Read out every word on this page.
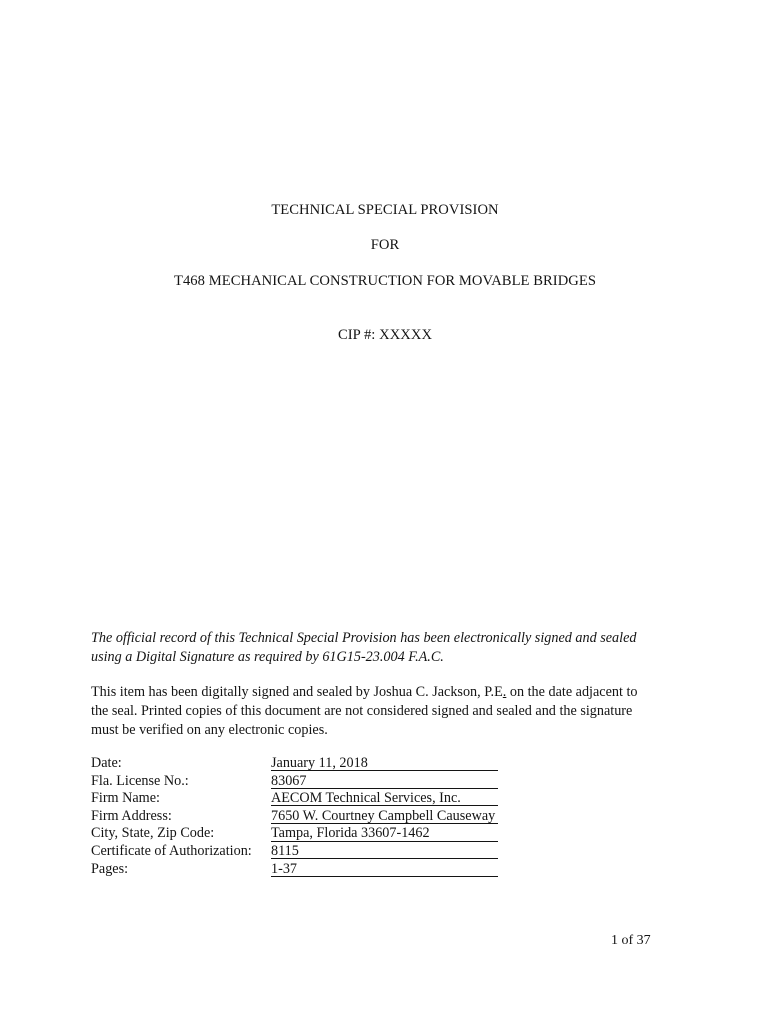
TECHNICAL SPECIAL PROVISION
FOR
T468 MECHANICAL CONSTRUCTION FOR MOVABLE BRIDGES
CIP #: XXXXX
The official record of this Technical Special Provision has been electronically signed and sealed
using a Digital Signature as required by 61G15-23.004 F.A.C.
This item has been digitally signed and sealed by Joshua C. Jackson, P.E. on the date adjacent to
the seal. Printed copies of this document are not considered signed and sealed and the signature
must be verified on any electronic copies.
Date:	January 11, 2018
Fla. License No.:	83067
Firm Name:	AECOM Technical Services, Inc.
Firm Address:	7650 W. Courtney Campbell Causeway
City, State, Zip Code:	Tampa, Florida 33607-1462
Certificate of Authorization: 8115
Pages:	1-37
1 of 37
